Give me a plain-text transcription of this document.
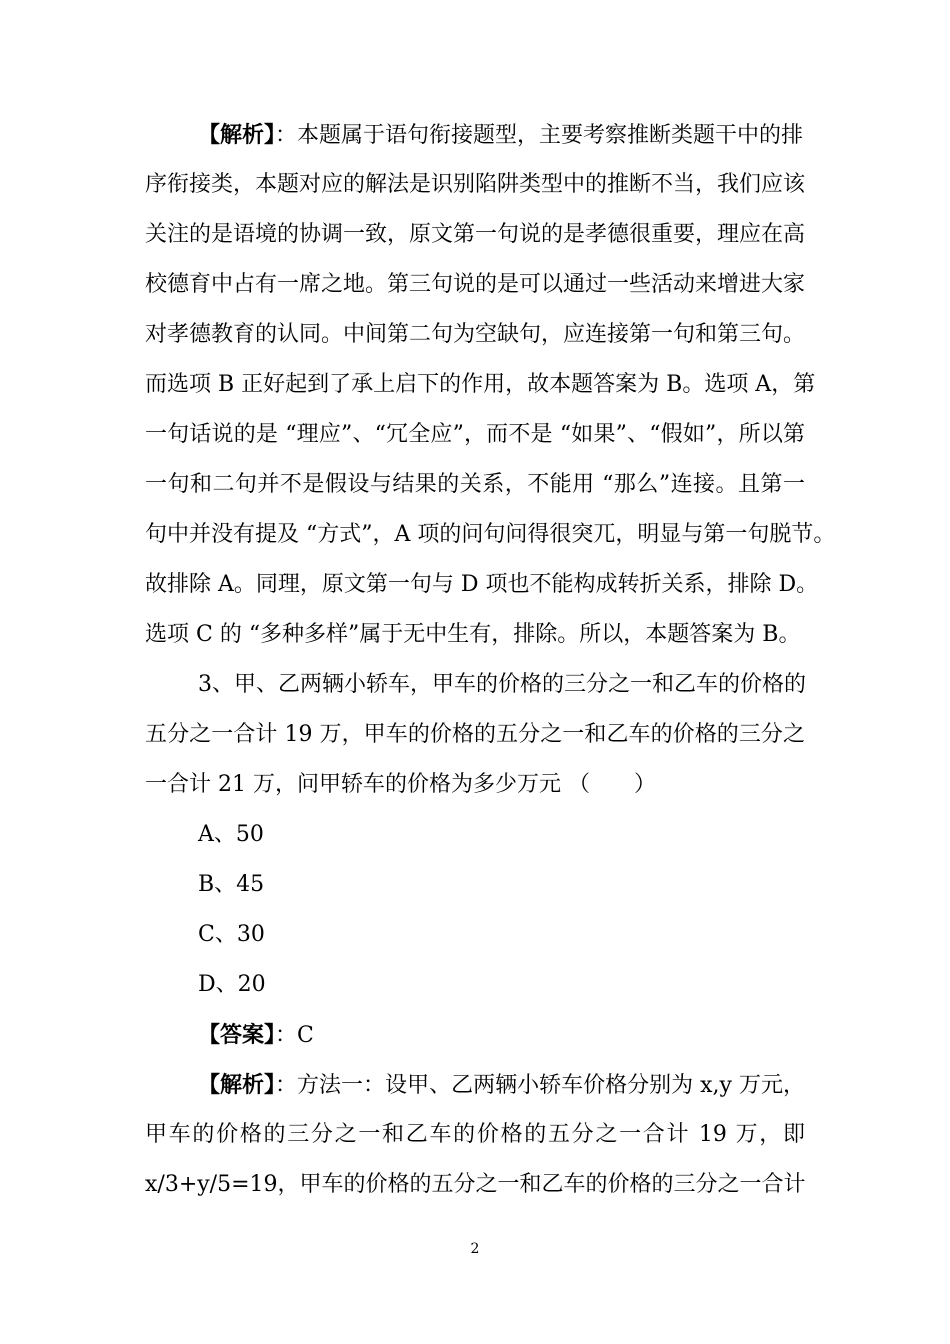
【解析】：本题属于语句衔接题型，主要考察推断类题干中的排
序衔接类，本题对应的解法是识别陷阱类型中的推断不当，我们应该
关注的是语境的协调一致，原文第一句说的是孝德很重要，理应在高
校德育中占有一席之地。第三句说的是可以通过一些活动来增进大家
对孝德教育的认同。中间第二句为空缺句，应连接第一句和第三句。
而选项 B 正好起到了承上启下的作用，故本题答案为 B。选项 A，第
一句话说的是 “理应”、“冗全应”，而不是 “如果”、“假如”，所以第
一句和二句并不是假设与结果的关系，不能用 “那么”连接。且第一
句中并没有提及 “方式”，A 项的问句问得很突兀，明显与第一句脱节。
故排除 A。同理，原文第一句与 D 项也不能构成转折关系，排除 D。
选项 C 的 “多种多样”属于无中生有，排除。所以，本题答案为 B。
3、甲、乙两辆小轿车，甲车的价格的三分之一和乙车的价格的
五分之一合计 19 万，甲车的价格的五分之一和乙车的价格的三分之
一合计 21 万，问甲轿车的价格为多少万元 （　　）
A、50
B、45
C、30
D、20
【答案】：C
【解析】：方法一：设甲、乙两辆小轿车价格分别为 x,y 万元，
甲车的价格的三分之一和乙车的价格的五分之一合计 19 万，即
x/3+y/5=19，甲车的价格的五分之一和乙车的价格的三分之一合计
2
